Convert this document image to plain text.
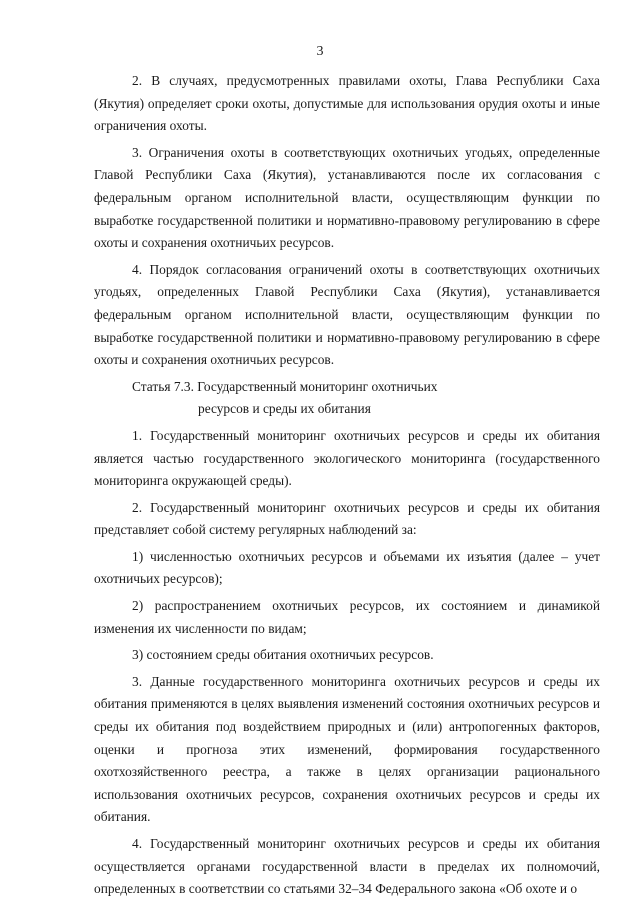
3

2. В случаях, предусмотренных правилами охоты, Глава Республики Саха (Якутия) определяет сроки охоты, допустимые для использования орудия охоты и иные ограничения охоты.

3. Ограничения охоты в соответствующих охотничьих угодьях, определенные Главой Республики Саха (Якутия), устанавливаются после их согласования с федеральным органом исполнительной власти, осуществляющим функции по выработке государственной политики и нормативно-правовому регулированию в сфере охоты и сохранения охотничьих ресурсов.

4. Порядок согласования ограничений охоты в соответствующих охотничьих угодьях, определенных Главой Республики Саха (Якутия), устанавливается федеральным органом исполнительной власти, осуществляющим функции по выработке государственной политики и нормативно-правовому регулированию в сфере охоты и сохранения охотничьих ресурсов.

Статья 7.3. Государственный мониторинг охотничьих

ресурсов и среды их обитания

1. Государственный мониторинг охотничьих ресурсов и среды их обитания является частью государственного экологического мониторинга (государственного мониторинга окружающей среды).

2. Государственный мониторинг охотничьих ресурсов и среды их обитания представляет собой систему регулярных наблюдений за:

1) численностью охотничьих ресурсов и объемами их изъятия (далее – учет охотничьих ресурсов);

2) распространением охотничьих ресурсов, их состоянием и динамикой изменения их численности по видам;

3) состоянием среды обитания охотничьих ресурсов.

3. Данные государственного мониторинга охотничьих ресурсов и среды их обитания применяются в целях выявления изменений состояния охотничьих ресурсов и среды их обитания под воздействием природных и (или) антропогенных факторов, оценки и прогноза этих изменений, формирования государственного охотхозяйственного реестра, а также в целях организации рационального использования охотничьих ресурсов, сохранения охотничьих ресурсов и среды их обитания.

4. Государственный мониторинг охотничьих ресурсов и среды их обитания осуществляется органами государственной власти в пределах их полномочий, определенных в соответствии со статьями 32–34 Федерального закона «Об охоте и о
